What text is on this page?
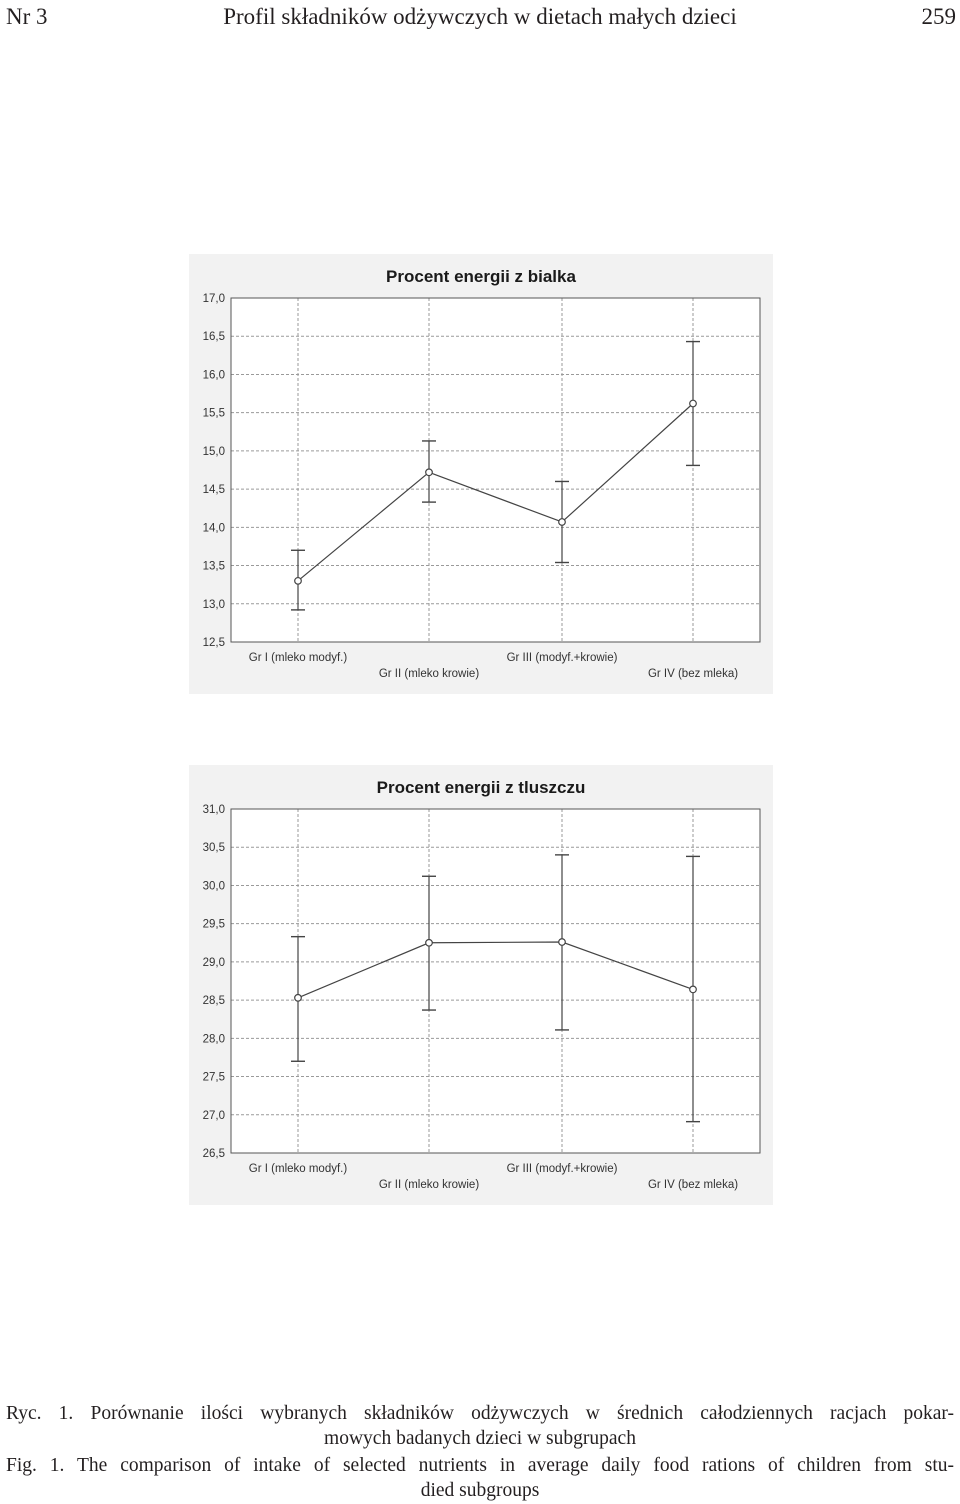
Nr 3	Profil składników odżywczych w dietach małych dzieci	259
Procent energii z bialka
12,5
13,0
13,5
14,0
14,5
15,0
15,5
16,0
16,5
17,0
Gr I (mleko modyf.)
Gr II (mleko krowie)
Gr III (modyf.+krowie)
Gr IV (bez mleka)
Procent energii z tluszczu
26,5
27,0
27,5
28,0
28,5
29,0
29,5
30,0
30,5
31,0
Gr I (mleko modyf.)
Gr II (mleko krowie)
Gr III (modyf.+krowie)
Gr IV (bez mleka)
Ryc. 1. Porównanie ilości wybranych składników odżywczych w średnich całodziennych racjach pokar-
mowych badanych dzieci w subgrupach
Fig. 1. The comparison of intake of selected nutrients in average daily food rations of children from stu-
died subgroups
